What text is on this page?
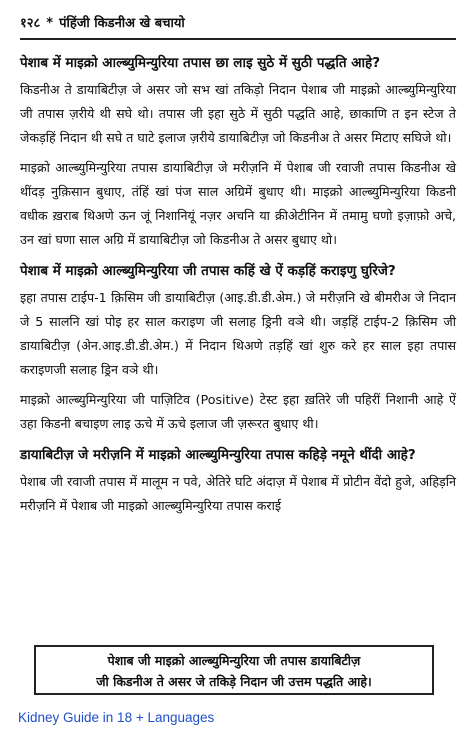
१२८ * पंहिंजी किडनीअ खे बचायो
पेशाब में माइक्रो आल्ब्युमिन्युरिया तपास छा लाइ सुठे में सुठी पद्धति आहे?

किडनीअ ते डायाबिटीज़ जे असर जो सभ खां तकिड़ो निदान पेशाब जी माइक्रो आल्ब्युमिन्युरिया जी तपास ज़रीये थी सघे थो। तपास जी इहा सुठे में सुठी पद्धति आहे, छाकाणि त इन स्टेज ते जेकड़हिं निदान थी सघे त घाटे इलाज ज़रीये डायाबिटीज़ जो किडनीअ ते असर मिटाए सघिजे थो।

माइक्रो आल्ब्युमिन्युरिया तपास डायाबिटीज़ जे मरीज़नि में पेशाब जी रवाजी तपास किडनीअ खे थींदड़ नुक़िसान बुधाए, तंहिं खां पंज साल अग्रिमें बुधाए थी। माइक्रो आल्ब्युमिन्युरिया किडनी वधीक ख़राब थिअणे ऊन जूं निशानियूं नज़र अचनि या क्रीअेटीनिन में तमामु घणो इज़ाफ़ो अचे, उन खां घणा साल अग्रि में डायाबिटीज़ जो किडनीअ ते असर बुधाए थो।

पेशाब में माइक्रो आल्ब्युमिन्युरिया जी तपास कहिं खे ऐं कड़हिं कराइणु घुरिजे?

इहा तपास टाईप-1 क़िसिम जी डायाबिटीज़ (आइ.डी.डी.अेम.) जे मरीज़नि खे बीमरीअ जे निदान जे 5 सालनि खां पोइ हर साल कराइण जी सलाह ड्रिनी वञे थी। जड़हिं टाईप-2 क़िसिम जी डायाबिटीज़ (अेन.आइ.डी.डी.अेम.) में निदान थिअणे तड़हिं खां शुरु करे हर साल इहा तपास कराइणजी सलाह ड्रिन वञे थी।

माइक्रो आल्ब्युमिन्युरिया जी पाज़िटिव (Positive) टेस्ट इहा ख़तिरे जी पहिरीं निशानी आहे ऐं उहा किडनी बचाइण लाइ ऊचे में ऊचे इलाज जी ज़रूरत बुधाए थी।

डायाबिटीज़ जे मरीज़नि में माइक्रो आल्ब्युमिन्युरिया तपास कहिड़े नमूने थींदी आहे?

पेशाब जी रवाजी तपास में मालूम न पवे, अेतिरे घटि अंदाज़ में पेशाब में प्रोटीन वेंदो हुजे, अहिड़नि मरीज़नि में पेशाब जी माइक्रो आल्ब्युमिन्युरिया तपास कराई

पेशाब जी माइक्रो आल्ब्युमिन्युरिया जी तपास डायाबिटीज़
जी किडनीअ ते असर जे तकिड़े निदान जी उत्तम पद्धति आहे।
Kidney Guide in 18 + Languages
